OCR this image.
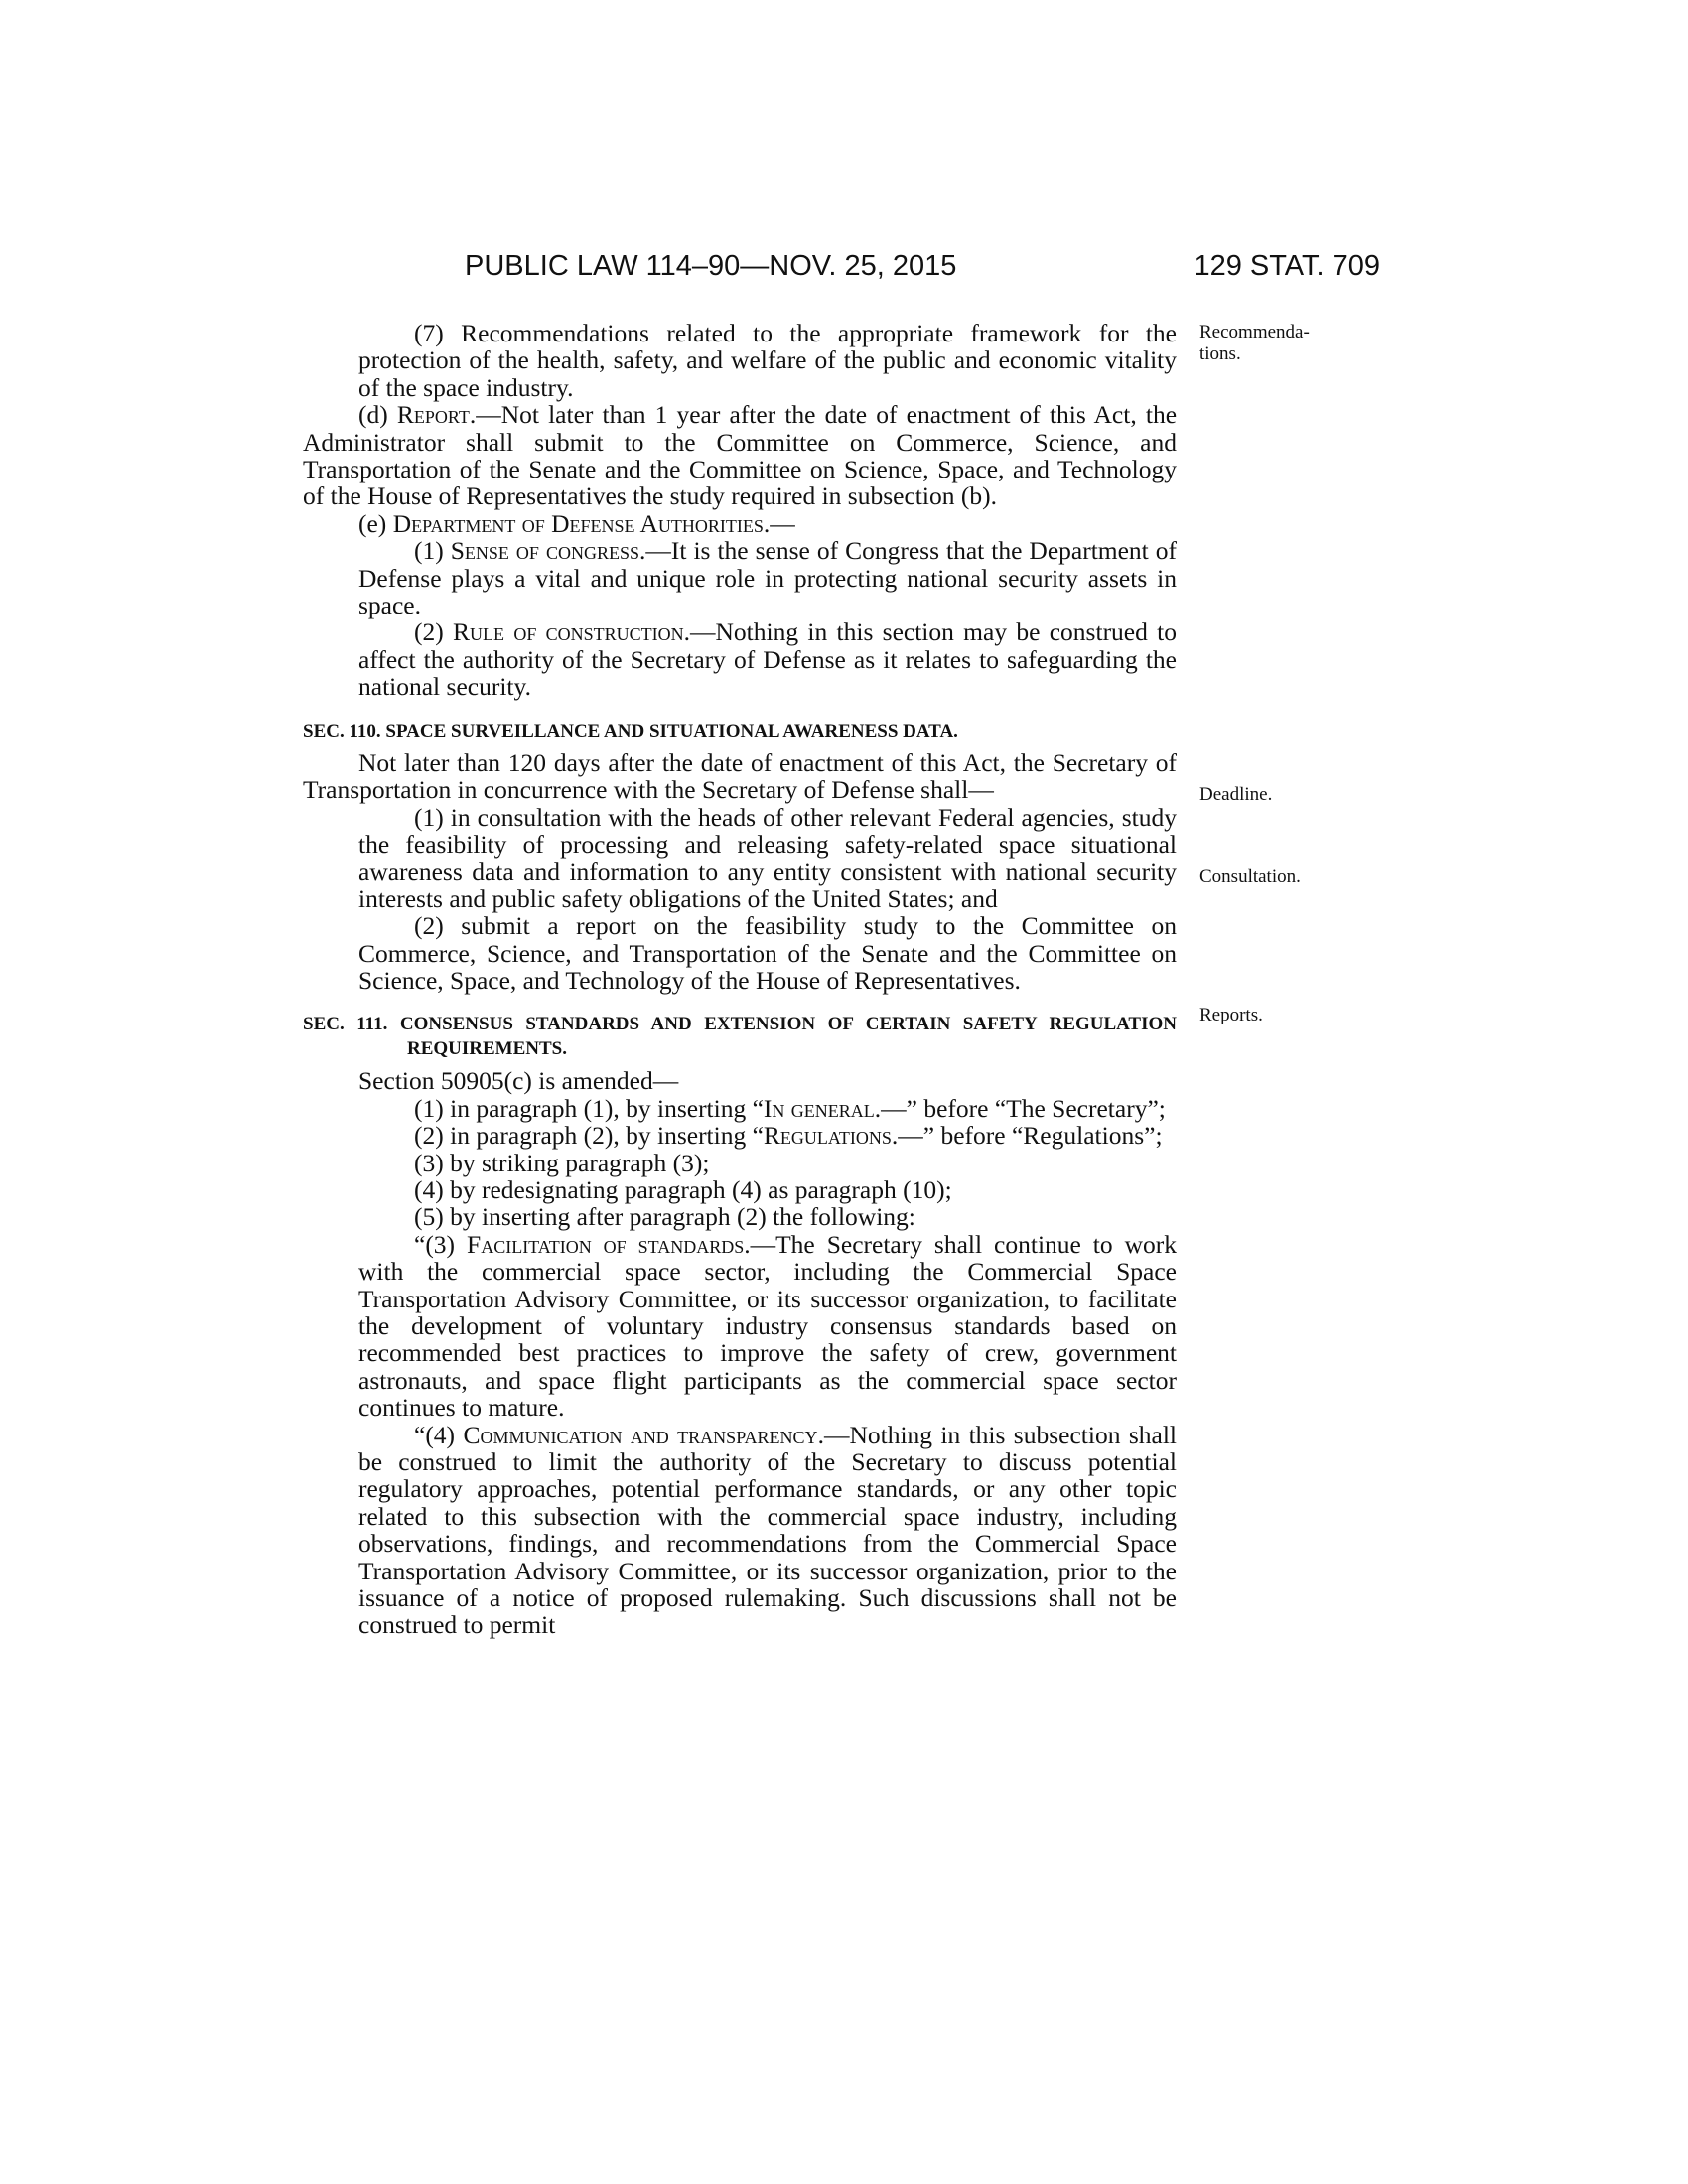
PUBLIC LAW 114–90—NOV. 25, 2015	129 STAT. 709
Recommenda-
tions.
Deadline.
Consultation.
Reports.

(7) Recommendations related to the appropriate framework for the protection of the health, safety, and welfare of the public and economic vitality of the space industry.

(d) Report.—Not later than 1 year after the date of enactment of this Act, the Administrator shall submit to the Committee on Commerce, Science, and Transportation of the Senate and the Committee on Science, Space, and Technology of the House of Representatives the study required in subsection (b).

(e) Department of Defense Authorities.—

(1) Sense of congress.—It is the sense of Congress that the Department of Defense plays a vital and unique role in protecting national security assets in space.

(2) Rule of construction.—Nothing in this section may be construed to affect the authority of the Secretary of Defense as it relates to safeguarding the national security.

SEC. 110. SPACE SURVEILLANCE AND SITUATIONAL AWARENESS DATA.

Not later than 120 days after the date of enactment of this Act, the Secretary of Transportation in concurrence with the Secretary of Defense shall—

(1) in consultation with the heads of other relevant Federal agencies, study the feasibility of processing and releasing safety-related space situational awareness data and information to any entity consistent with national security interests and public safety obligations of the United States; and

(2) submit a report on the feasibility study to the Committee on Commerce, Science, and Transportation of the Senate and the Committee on Science, Space, and Technology of the House of Representatives.

SEC. 111. CONSENSUS STANDARDS AND EXTENSION OF CERTAIN SAFETY REGULATION REQUIREMENTS.

Section 50905(c) is amended—

(1) in paragraph (1), by inserting “In general.—” before “The Secretary”;

(2) in paragraph (2), by inserting “Regulations.—” before “Regulations”;

(3) by striking paragraph (3);

(4) by redesignating paragraph (4) as paragraph (10);

(5) by inserting after paragraph (2) the following:

“(3) Facilitation of standards.—The Secretary shall continue to work with the commercial space sector, including the Commercial Space Transportation Advisory Committee, or its successor organization, to facilitate the development of voluntary industry consensus standards based on recommended best practices to improve the safety of crew, government astronauts, and space flight participants as the commercial space sector continues to mature.

“(4) Communication and transparency.—Nothing in this subsection shall be construed to limit the authority of the Secretary to discuss potential regulatory approaches, potential performance standards, or any other topic related to this subsection with the commercial space industry, including observations, findings, and recommendations from the Commercial Space Transportation Advisory Committee, or its successor organization, prior to the issuance of a notice of proposed rulemaking. Such discussions shall not be construed to permit
